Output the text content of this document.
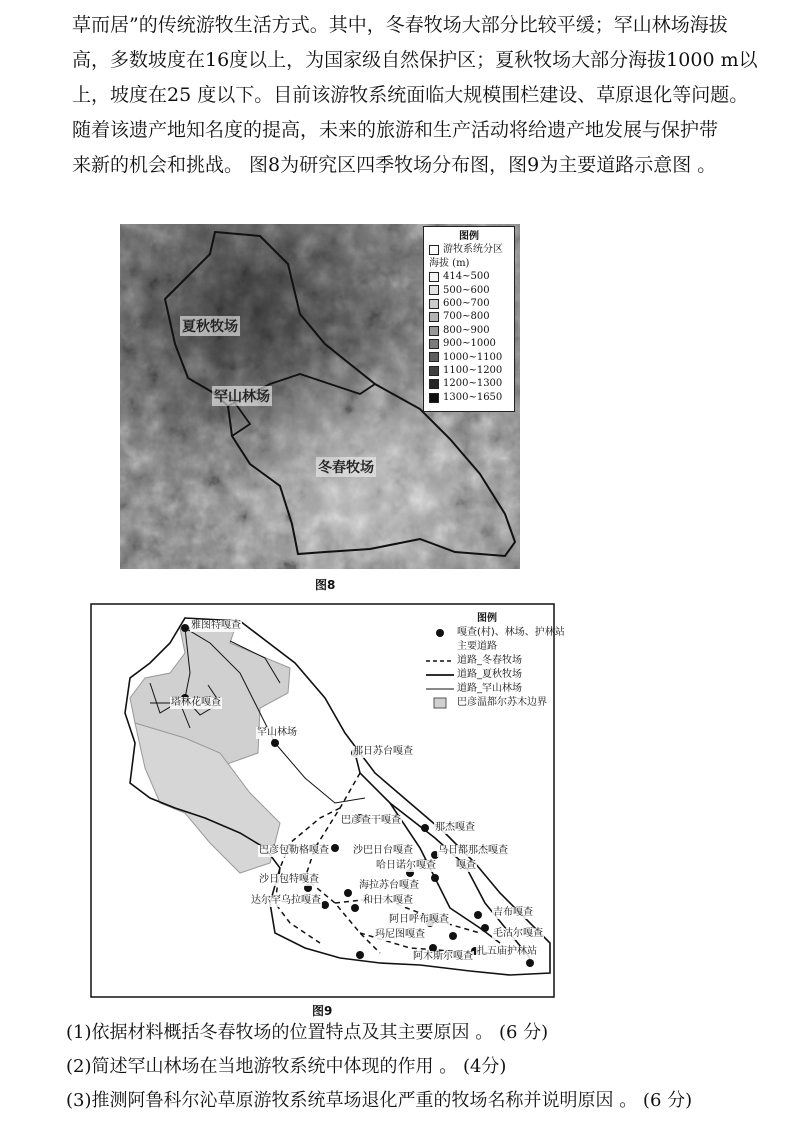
草而居”的传统游牧生活方式。其中，冬春牧场大部分比较平缓；罕山林场海拔
高，多数坡度在16度以上，为国家级自然保护区；夏秋牧场大部分海拔1000 m以
上，坡度在25 度以下。目前该游牧系统面临大规模围栏建设、草原退化等问题。
随着该遗产地知名度的提高，未来的旅游和生产活动将给遗产地发展与保护带
来新的机会和挑战。 图8为研究区四季牧场分布图，图9为主要道路示意图 。
夏秋牧场
罕山林场
冬春牧场
图例
游牧系统分区
海拔 (m)
414~500
500~600
600~700
700~800
800~900
900~1000
1000~1100
1100~1200
1200~1300
1300~1650
图8
雅图特嘎查
塔林花嘎查
罕山林场
那日苏台嘎查
巴彦查干嘎查
那杰嘎查
巴彦包勒格嘎查 沙巴日台嘎查	乌日都那杰嘎查
哈日诺尔嘎查 嘎查
沙日包特嘎查
海拉苏台嘎查
和日木嘎查
达尔罕乌拉嘎查
吉布嘎查
阿日呼布嘎查
毛沽尔嘎查
玛尼图嘎查
阿木斯尔嘎查 扎五庙护林站
图例
嘎查(村)、林场、护林站
主要道路
道路_冬春牧场
道路_夏秋牧场
道路_罕山林场
巴彦温都尔苏木边界
图9
(1)依据材料概括冬春牧场的位置特点及其主要原因 。 (6 分)
(2)简述罕山林场在当地游牧系统中体现的作用 。 (4分)
(3)推测阿鲁科尔沁草原游牧系统草场退化严重的牧场名称并说明原因 。 (6 分)
